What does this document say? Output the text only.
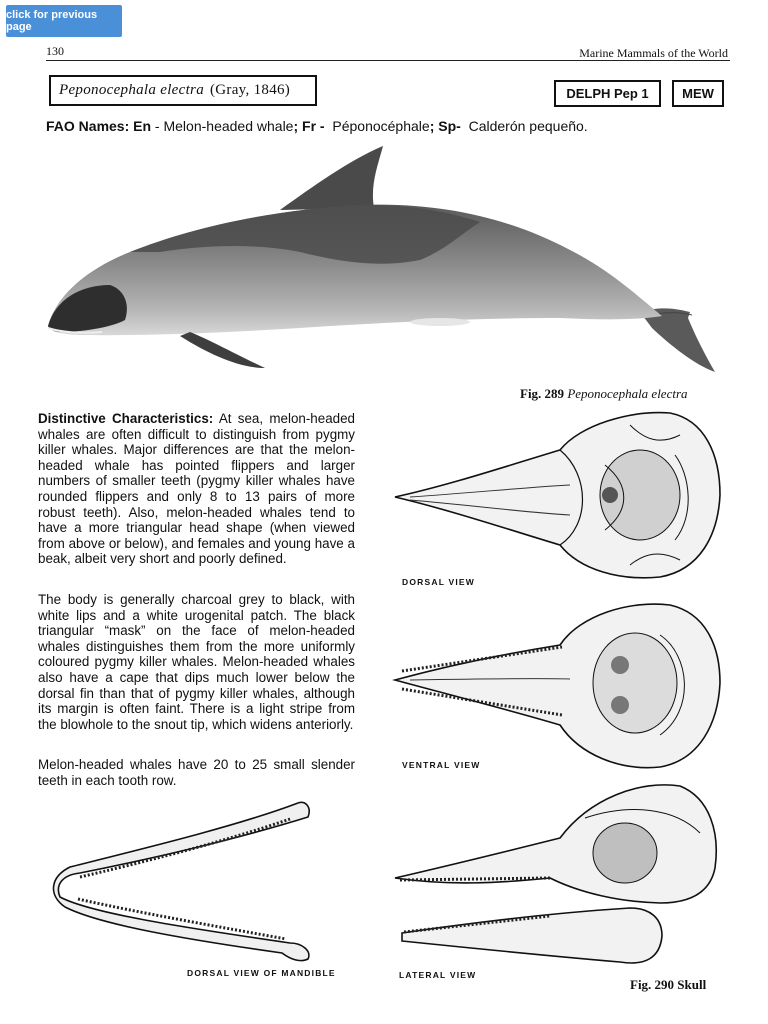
click for previous page
130	Marine Mammals of the World
Peponocephala electra (Gray, 1846)	DELPH Pep 1	MEW
FAO Names: En - Melon-headed whale; Fr - Péponocéphale; Sp- Calderón pequeño.
Fig. 289 Peponocephala electra
Distinctive Characteristics: At sea, melon-headed whales are often difficult to distinguish from pygmy killer whales. Major differences are that the melon-headed whale has pointed flippers and larger numbers of smaller teeth (pygmy killer whales have rounded flippers and only 8 to 13 pairs of more robust teeth). Also, melon-headed whales tend to have a more triangular head shape (when viewed from above or below), and females and young have a beak, albeit very short and poorly defined.
The body is generally charcoal grey to black, with white lips and a white urogenital patch. The black triangular “mask” on the face of melon-headed whales distinguishes them from the more uniformly coloured pygmy killer whales. Melon-headed whales also have a cape that dips much lower below the dorsal fin than that of pygmy killer whales, although its margin is often faint. There is a light stripe from the blowhole to the snout tip, which widens anteriorly.
Melon-headed whales have 20 to 25 small slender teeth in each tooth row.
DORSAL VIEW
VENTRAL VIEW
LATERAL VIEW
DORSAL VIEW OF MANDIBLE
Fig. 290 Skull
